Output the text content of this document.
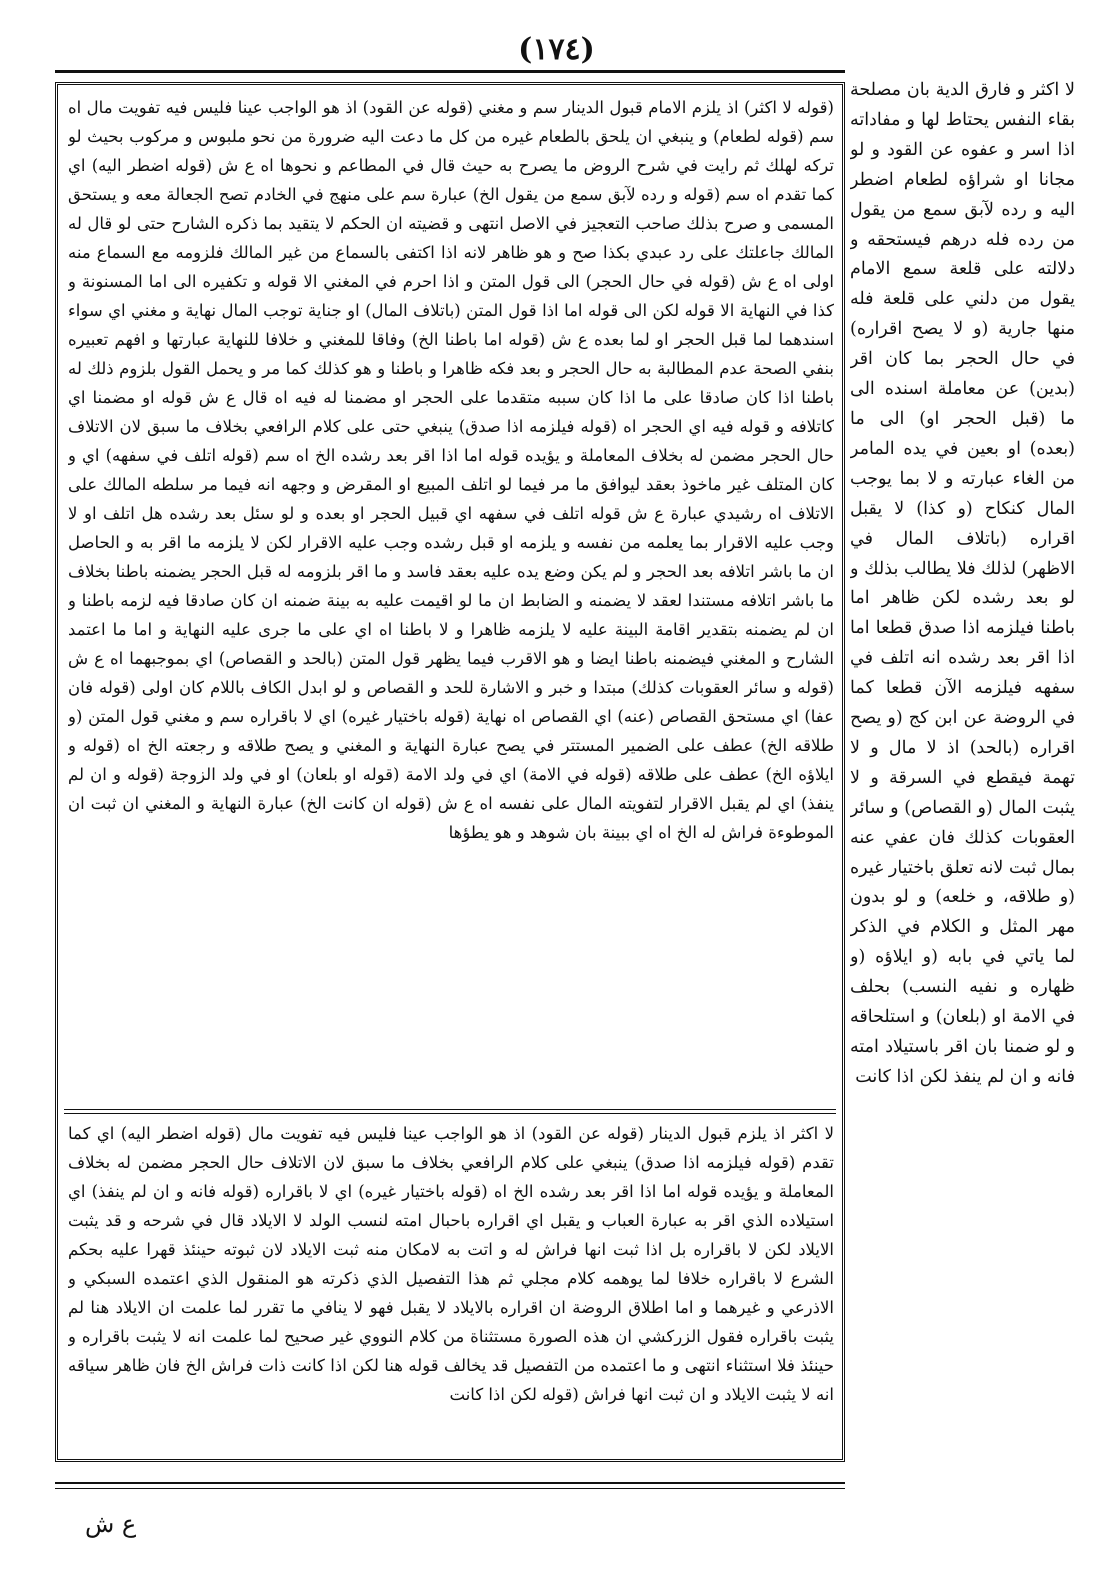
(١٧٤)

لا اكثر و فارق الدية بان مصلحة بقاء النفس يحتاط لها و مفاداته اذا اسر و عفوه عن القود و لو مجانا او شراؤه لطعام اضطر اليه و رده لآبق سمع من يقول من رده فله درهم فيستحقه و دلالته على قلعة سمع الامام يقول من دلني على قلعة فله منها جارية (و لا يصح اقراره) في حال الحجر بما كان اقر (بدين) عن معاملة اسنده الى ما (قبل الحجر او) الى ما (بعده) او بعين في يده المامر من الغاء عبارته و لا بما يوجب المال كنكاح (و كذا) لا يقبل اقراره (باتلاف المال في الاظهر) لذلك فلا يطالب بذلك و لو بعد رشده لكن ظاهر اما باطنا فيلزمه اذا صدق قطعا اما اذا اقر بعد رشده انه اتلف في سفهه فيلزمه الآن قطعا كما في الروضة عن ابن كج (و يصح اقراره (بالحد) اذ لا مال و لا تهمة فيقطع في السرقة و لا يثبت المال (و القصاص) و سائر العقوبات كذلك فان عفي عنه بمال ثبت لانه تعلق باختيار غيره (و طلاقه، و خلعه) و لو بدون مهر المثل و الكلام في الذكر لما ياتي في بابه (و ايلاؤه (و ظهاره و نفيه النسب) بحلف في الامة او (بلعان) و استلحاقه و لو ضمنا بان اقر باستيلاد امته فانه و ان لم ينفذ لكن اذا كانت

(قوله لا اكثر) اذ يلزم الامام قبول الدينار سم و مغني (قوله عن القود) اذ هو الواجب عينا فليس فيه تفويت مال اه سم (قوله لطعام) و ينبغي ان يلحق بالطعام غيره من كل ما دعت اليه ضرورة من نحو ملبوس و مركوب بحيث لو تركه لهلك ثم رايت في شرح الروض ما يصرح به حيث قال في المطاعم و نحوها اه ع ش (قوله اضطر اليه) اي كما تقدم اه سم (قوله و رده لآبق سمع من يقول الخ) عبارة سم على منهج في الخادم تصح الجعالة معه و يستحق المسمى و صرح بذلك صاحب التعجيز في الاصل انتهى و قضيته ان الحكم لا يتقيد بما ذكره الشارح حتى لو قال له المالك جاعلتك على رد عبدي بكذا صح و هو ظاهر لانه اذا اكتفى بالسماع من غير المالك فلزومه مع السماع منه اولى اه ع ش (قوله في حال الحجر) الى قول المتن و اذا احرم في المغني الا قوله و تكفيره الى اما المسنونة و كذا في النهاية الا قوله لكن الى قوله اما اذا قول المتن (باتلاف المال) او جناية توجب المال نهاية و مغني اي سواء اسندهما لما قبل الحجر او لما بعده ع ش (قوله اما باطنا الخ) وفاقا للمغني و خلافا للنهاية عبارتها و افهم تعبيره بنفي الصحة عدم المطالبة به حال الحجر و بعد فكه ظاهرا و باطنا و هو كذلك كما مر و يحمل القول بلزوم ذلك له باطنا اذا كان صادقا على ما اذا كان سببه متقدما على الحجر او مضمنا له فيه اه قال ع ش قوله او مضمنا اي كاتلافه و قوله فيه اي الحجر اه (قوله فيلزمه اذا صدق) ينبغي حتى على كلام الرافعي بخلاف ما سبق لان الاتلاف حال الحجر مضمن له بخلاف المعاملة و يؤيده قوله اما اذا اقر بعد رشده الخ اه سم (قوله اتلف في سفهه) اي و كان المتلف غير ماخوذ بعقد ليوافق ما مر فيما لو اتلف المبيع او المقرض و وجهه انه فيما مر سلطه المالك على الاتلاف اه رشيدي عبارة ع ش قوله اتلف في سفهه اي قبيل الحجر او بعده و لو سئل بعد رشده هل اتلف او لا وجب عليه الاقرار بما يعلمه من نفسه و يلزمه او قبل رشده وجب عليه الاقرار لكن لا يلزمه ما اقر به و الحاصل ان ما باشر اتلافه بعد الحجر و لم يكن وضع يده عليه بعقد فاسد و ما اقر بلزومه له قبل الحجر يضمنه باطنا بخلاف ما باشر اتلافه مستندا لعقد لا يضمنه و الضابط ان ما لو اقيمت عليه به بينة ضمنه ان كان صادقا فيه لزمه باطنا و ان لم يضمنه بتقدير اقامة البينة عليه لا يلزمه ظاهرا و لا باطنا اه اي على ما جرى عليه النهاية و اما ما اعتمد الشارح و المغني فيضمنه باطنا ايضا و هو الاقرب فيما يظهر قول المتن (بالحد و القصاص) اي بموجبهما اه ع ش (قوله و سائر العقوبات كذلك) مبتدا و خبر و الاشارة للحد و القصاص و لو ابدل الكاف باللام كان اولى (قوله فان عفا) اي مستحق القصاص (عنه) اي القصاص اه نهاية (قوله باختيار غيره) اي لا باقراره سم و مغني قول المتن (و طلاقه الخ) عطف على الضمير المستتر في يصح عبارة النهاية و المغني و يصح طلاقه و رجعته الخ اه (قوله و ايلاؤه الخ) عطف على طلاقه (قوله في الامة) اي في ولد الامة (قوله او بلعان) او في ولد الزوجة (قوله و ان لم ينفذ) اي لم يقبل الاقرار لتفويته المال على نفسه اه ع ش (قوله ان كانت الخ) عبارة النهاية و المغني ان ثبت ان الموطوءة فراش له الخ اه اي ببينة بان شوهد و هو يطؤها

لا اكثر اذ يلزم قبول الدينار (قوله عن القود) اذ هو الواجب عينا فليس فيه تفويت مال (قوله اضطر اليه) اي كما تقدم (قوله فيلزمه اذا صدق) ينبغي على كلام الرافعي بخلاف ما سبق لان الاتلاف حال الحجر مضمن له بخلاف المعاملة و يؤيده قوله اما اذا اقر بعد رشده الخ اه (قوله باختيار غيره) اي لا باقراره (قوله فانه و ان لم ينفذ) اي استيلاده الذي اقر به عبارة العباب و يقبل اي اقراره باحبال امته لنسب الولد لا الايلاد قال في شرحه و قد يثبت الايلاد لكن لا باقراره بل اذا ثبت انها فراش له و اتت به لامكان منه ثبت الايلاد لان ثبوته حينئذ قهرا عليه بحكم الشرع لا باقراره خلافا لما يوهمه كلام مجلي ثم هذا التفصيل الذي ذكرته هو المنقول الذي اعتمده السبكي و الاذرعي و غيرهما و اما اطلاق الروضة ان اقراره بالايلاد لا يقبل فهو لا ينافي ما تقرر لما علمت ان الايلاد هنا لم يثبت باقراره فقول الزركشي ان هذه الصورة مستثناة من كلام النووي غير صحيح لما علمت انه لا يثبت باقراره و حينئذ فلا استثناء انتهى و ما اعتمده من التفصيل قد يخالف قوله هنا لكن اذا كانت ذات فراش الخ فان ظاهر سياقه انه لا يثبت الايلاد و ان ثبت انها فراش (قوله لكن اذا كانت

ع ش
